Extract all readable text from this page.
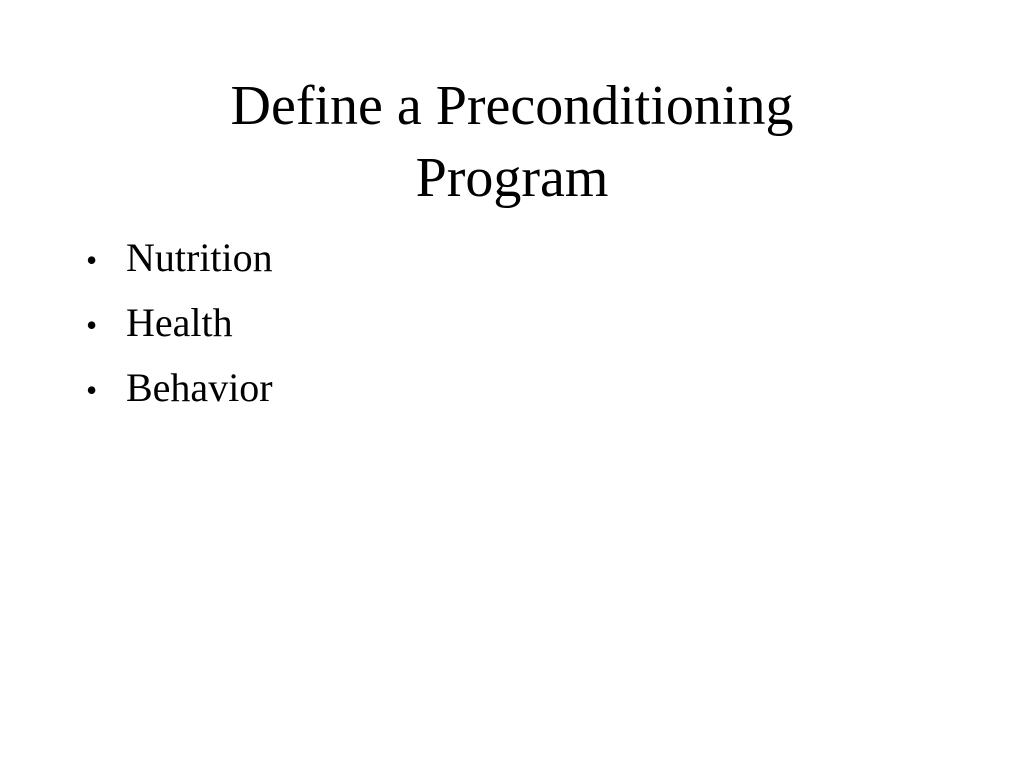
Define a Preconditioning
Program
• Nutrition
• Health
• Behavior
